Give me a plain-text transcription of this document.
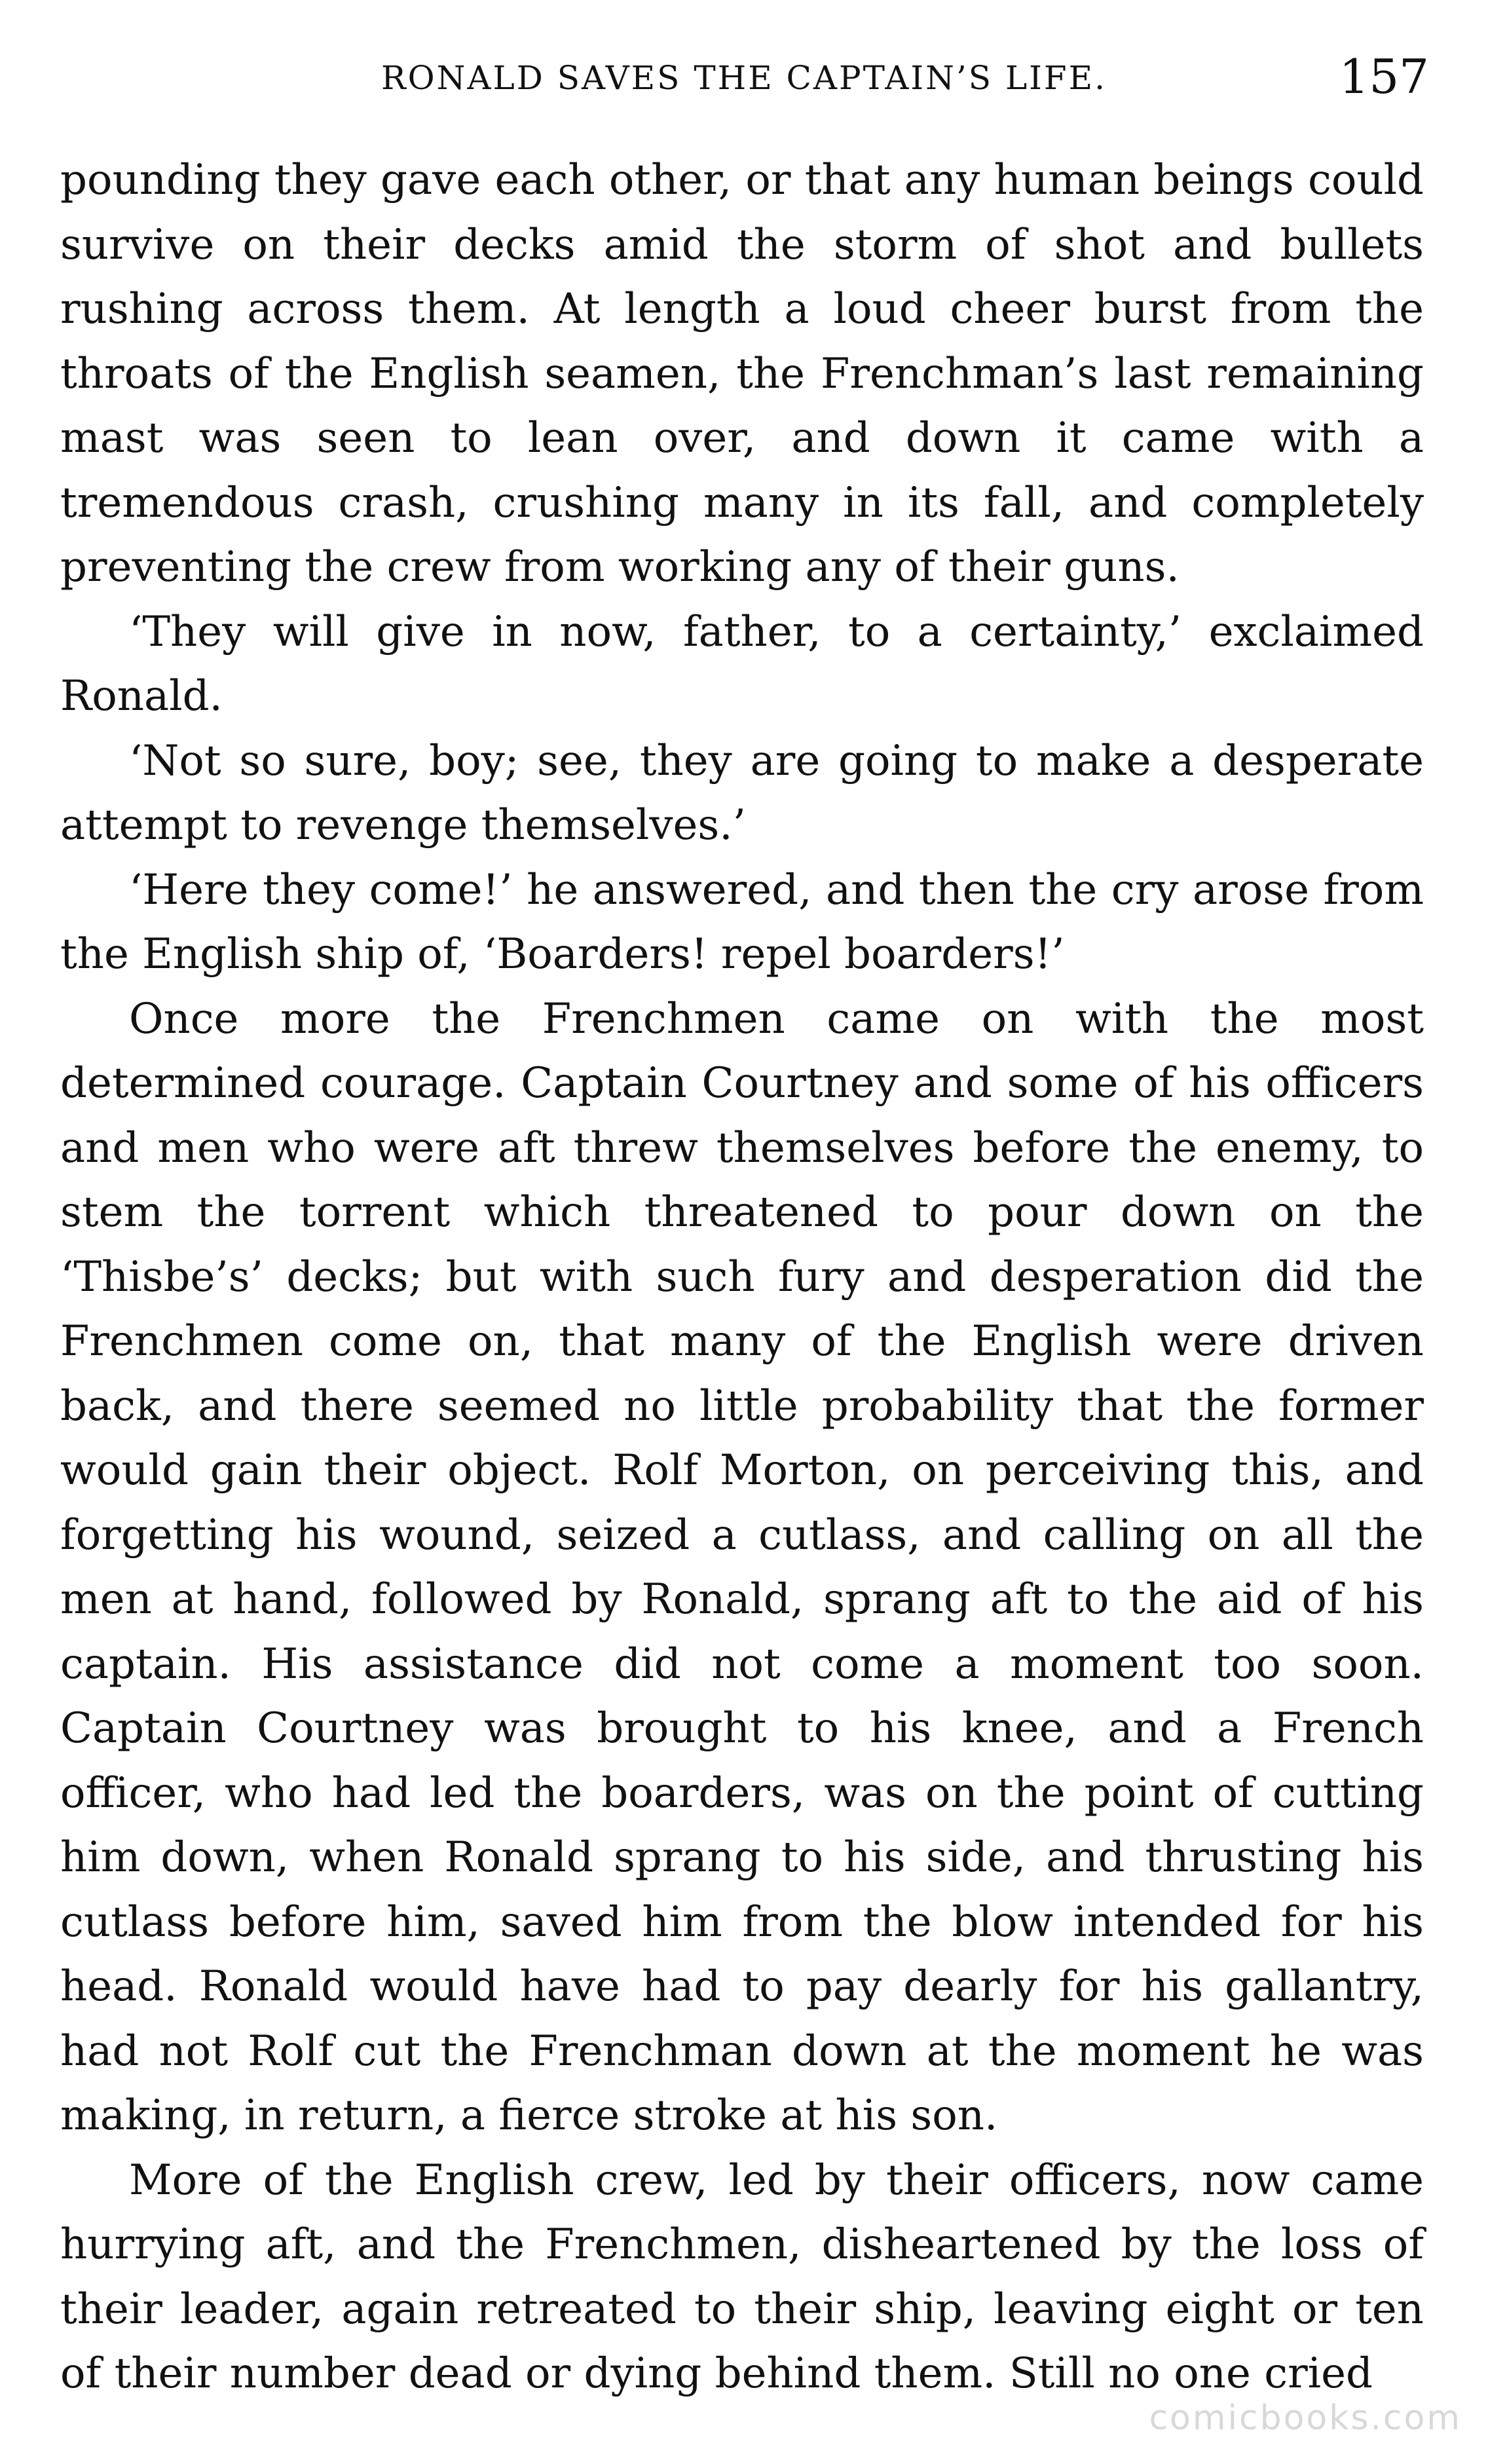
RONALD SAVES THE CAPTAIN’S LIFE.	157

pounding they gave each other, or that any human beings could survive on their decks amid the storm of shot and bullets rushing across them. At length a loud cheer burst from the throats of the English seamen, the Frenchman’s last remaining mast was seen to lean over, and down it came with a tremendous crash, crushing many in its fall, and completely preventing the crew from working any of their guns.

‘They will give in now, father, to a certainty,’ exclaimed Ronald.

‘Not so sure, boy; see, they are going to make a desperate attempt to revenge themselves.’

‘Here they come!’ he answered, and then the cry arose from the English ship of, ‘Boarders! repel boarders!’

Once more the Frenchmen came on with the most determined courage. Captain Courtney and some of his officers and men who were aft threw themselves before the enemy, to stem the torrent which threatened to pour down on the ‘Thisbe’s’ decks; but with such fury and desperation did the Frenchmen come on, that many of the English were driven back, and there seemed no little probability that the former would gain their object. Rolf Morton, on perceiving this, and forgetting his wound, seized a cutlass, and calling on all the men at hand, followed by Ronald, sprang aft to the aid of his captain. His assistance did not come a moment too soon. Captain Courtney was brought to his knee, and a French officer, who had led the boarders, was on the point of cutting him down, when Ronald sprang to his side, and thrusting his cutlass before him, saved him from the blow intended for his head. Ronald would have had to pay dearly for his gallantry, had not Rolf cut the Frenchman down at the moment he was making, in return, a fierce stroke at his son.

More of the English crew, led by their officers, now came hurrying aft, and the Frenchmen, disheartened by the loss of their leader, again retreated to their ship, leaving eight or ten of their number dead or dying behind them. Still no one cried

comicbooks.com
